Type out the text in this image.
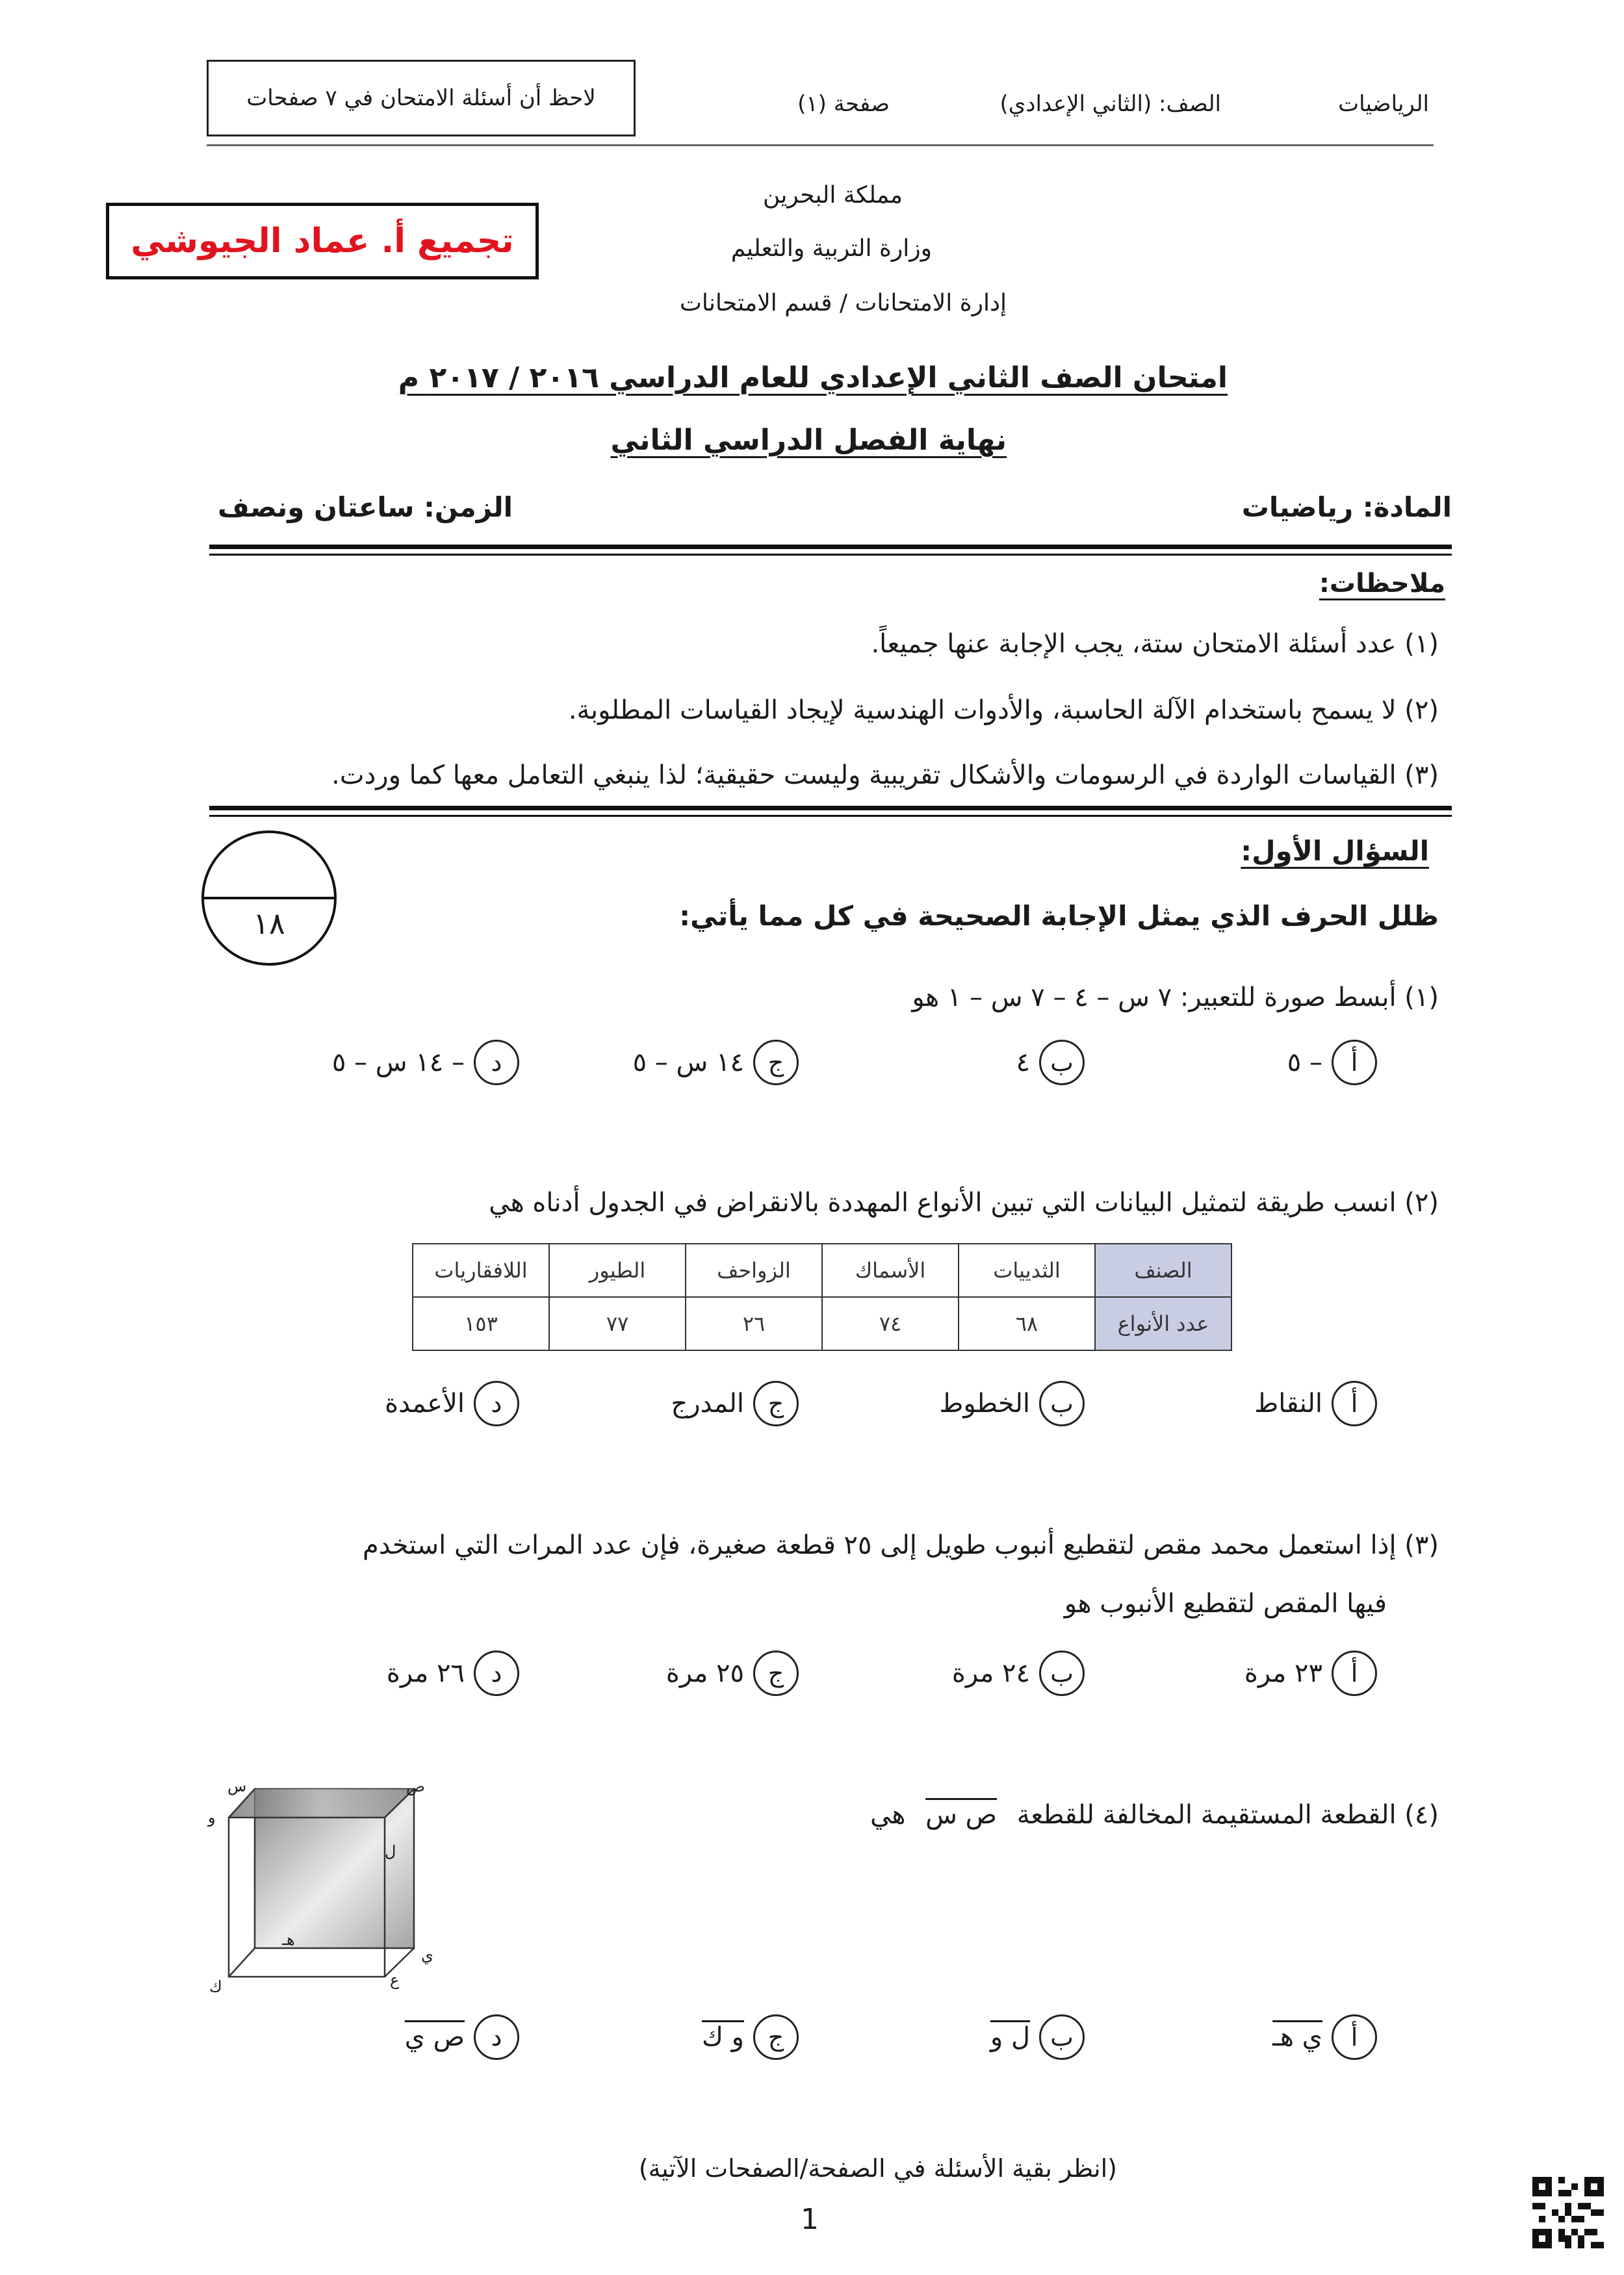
لاحظ أن أسئلة الامتحان في ٧ صفحات	الرياضيات
الصف: (الثاني الإعدادي)
صفحة (١)
تجميع أ. عماد الجيوشي
مملكة البحرين
وزارة التربية والتعليم
إدارة الامتحانات / قسم الامتحانات
امتحان الصف الثاني الإعدادي للعام الدراسي ٢٠١٦ / ٢٠١٧ م
نهاية الفصل الدراسي الثاني
المادة: رياضيات
الزمن: ساعتان ونصف
ملاحظات:
(١) عدد أسئلة الامتحان ستة، يجب الإجابة عنها جميعاً.
(٢) لا يسمح باستخدام الآلة الحاسبة، والأدوات الهندسية لإيجاد القياسات المطلوبة.
(٣) القياسات الواردة في الرسومات والأشكال تقريبية وليست حقيقية؛ لذا ينبغي التعامل معها كما وردت.
السؤال الأول:
١٨	ظلل الحرف الذي يمثل الإجابة الصحيحة في كل مما يأتي:
(١) أبسط صورة للتعبير: ٧ س – ٤ – ٧ س – ١ هو
أ
– ٥
ب
٤
ج
١٤ س – ٥
د
– ١٤ س – ٥
(٢) انسب طريقة لتمثيل البيانات التي تبين الأنواع المهددة بالانقراض في الجدول أدناه هي
الصنف	الثدييات	الأسماك	الزواحف	الطيور	اللافقاريات
عدد الأنواع	٦٨	٧٤	٢٦	٧٧	١٥٣
أ
النقاط
ب
الخطوط
ج
المدرج
د
الأعمدة
(٣) إذا استعمل محمد مقص لتقطيع أنبوب طويل إلى ٢٥ قطعة صغيرة، فإن عدد المرات التي استخدم
فيها المقص لتقطيع الأنبوب هو
أ
٢٣ مرة
ب
٢٤ مرة
ج
٢٥ مرة
د
٢٦ مرة
(٤) القطعة المستقيمة المخالفة للقطعة ص س هي
ص
س
و
ل
هـ
ي
ع
ك
أ
ي هـ
ب
ل و
ج
و ك
د
ص ي
(انظر بقية الأسئلة في الصفحة/الصفحات الآتية)
1
